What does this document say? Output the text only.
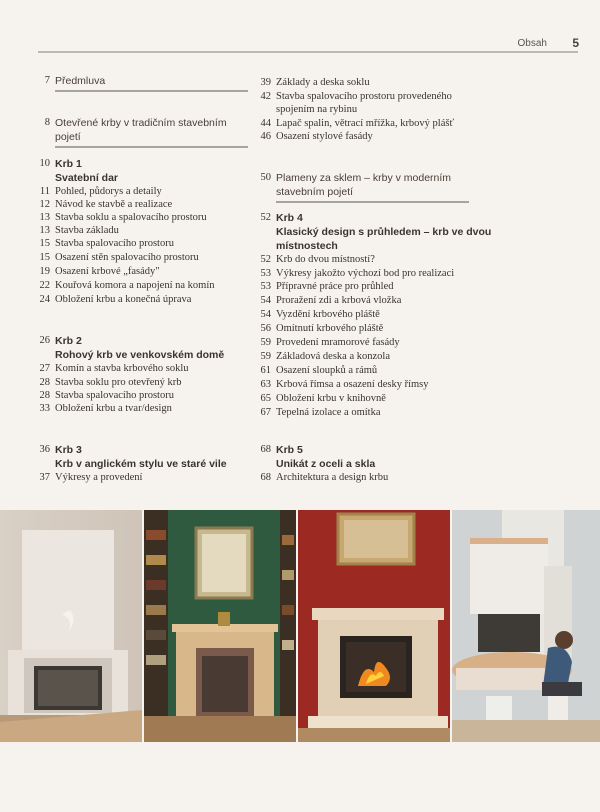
Obsah 5
7 Předmluva
8 Otevřené krby v tradičním stavebním
pojetí
10 Krb 1
Svatební dar
11 Pohled, půdorys a detaily
12 Návod ke stavbě a realizace
13 Stavba soklu a spalovacího prostoru
13 Stavba základu
15 Stavba spalovacího prostoru
15 Osazení stěn spalovacího prostoru
19 Osazení krbové „fasády"
22 Kouřová komora a napojení na komín
24 Obložení krbu a konečná úprava
26 Krb 2
Rohový krb ve venkovském domě
27 Komín a stavba krbového soklu
28 Stavba soklu pro otevřený krb
28 Stavba spalovacího prostoru
33 Obložení krbu a tvar/design
36 Krb 3
Krb v anglickém stylu ve staré vile
37 Výkresy a provedení
39 Základy a deska soklu
42 Stavba spalovacího prostoru provedeného
spojením na rybinu
44 Lapač spalin, větrací mřížka, krbový plášť
46 Osazení stylové fasády
50 Plameny za sklem – krby v moderním
stavebním pojetí
52 Krb 4
Klasický design s průhledem – krb ve dvou
místnostech
52 Krb do dvou místností?
53 Výkresy jakožto výchozí bod pro realizaci
53 Přípravné práce pro průhled
54 Proražení zdi a krbová vložka
54 Vyzdění krbového pláště
56 Omítnutí krbového pláště
59 Provedení mramorové fasády
59 Základová deska a konzola
61 Osazení sloupků a rámů
63 Krbová římsa a osazení desky římsy
65 Obložení krbu v knihovně
67 Tepelná izolace a omítka
68 Krb 5
Unikát z oceli a skla
68 Architektura a design krbu
